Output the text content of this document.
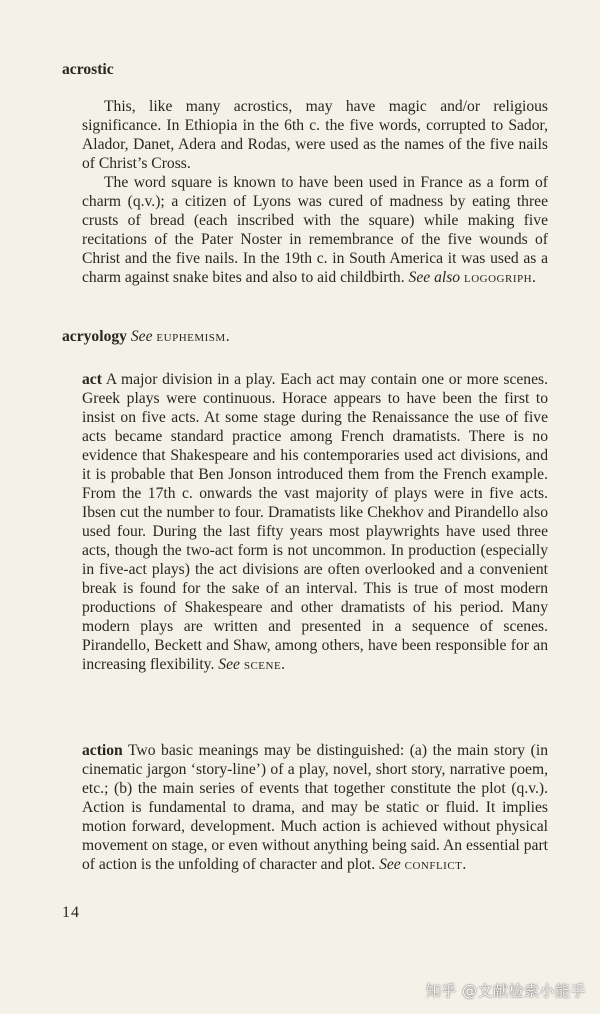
acrostic

This, like many acrostics, may have magic and/or religious significance. In Ethiopia in the 6th c. the five words, corrupted to Sador, Alador, Danet, Adera and Rodas, were used as the names of the five nails of Christ’s Cross.

The word square is known to have been used in France as a form of charm (q.v.); a citizen of Lyons was cured of madness by eating three crusts of bread (each inscribed with the square) while making five recitations of the Pater Noster in remembrance of the five wounds of Christ and the five nails. In the 19th c. in South America it was used as a charm against snake bites and also to aid childbirth. See also logogriph.

acryology See euphemism.

act A major division in a play. Each act may contain one or more scenes. Greek plays were continuous. Horace appears to have been the first to insist on five acts. At some stage during the Renaissance the use of five acts became standard practice among French dramatists. There is no evidence that Shakespeare and his contemporaries used act divisions, and it is probable that Ben Jonson introduced them from the French example. From the 17th c. onwards the vast majority of plays were in five acts. Ibsen cut the number to four. Dramatists like Chekhov and Pirandello also used four. During the last fifty years most playwrights have used three acts, though the two-act form is not uncommon. In production (especially in five-act plays) the act divisions are often overlooked and a convenient break is found for the sake of an interval. This is true of most modern productions of Shakespeare and other dramatists of his period. Many modern plays are written and presented in a sequence of scenes. Pirandello, Beckett and Shaw, among others, have been responsible for an increasing flexibility. See scene.

action Two basic meanings may be distinguished: (a) the main story (in cinematic jargon ‘story-line’) of a play, novel, short story, narrative poem, etc.; (b) the main series of events that together constitute the plot (q.v.). Action is fundamental to drama, and may be static or fluid. It implies motion forward, development. Much action is achieved without physical movement on stage, or even without anything being said. An essential part of action is the unfolding of character and plot. See conflict.

14
知乎 @文献检索小能手
